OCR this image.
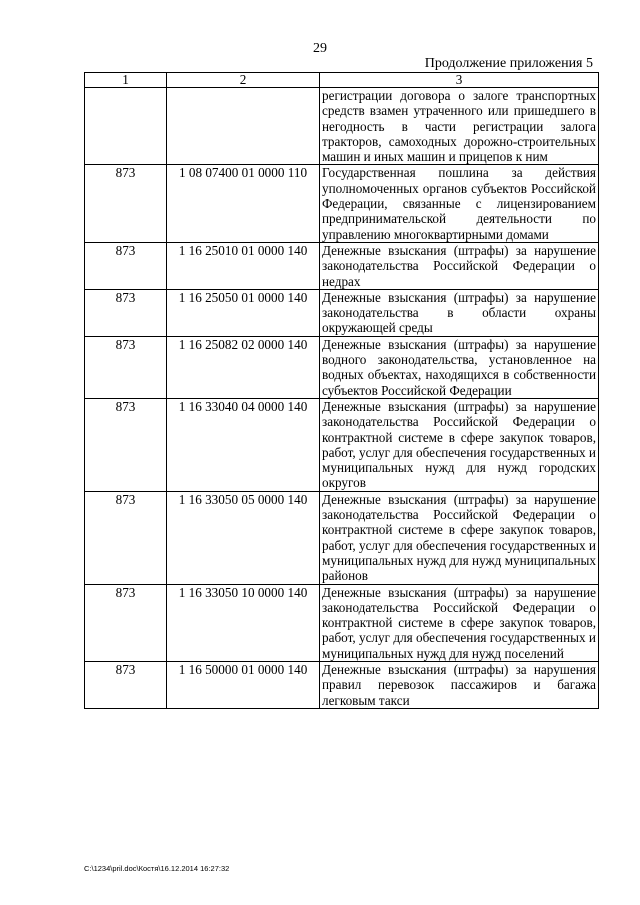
29
Продолжение приложения 5
1	2	3
		регистрации договора о залоге транспортных средств взамен утраченного или пришедшего в негодность в части регистрации залога тракторов, самоходных дорожно-строительных машин и иных машин и прицепов к ним
873	1 08 07400 01 0000 110	Государственная пошлина за действия уполномоченных органов субъектов Российской Федерации, связанные с лицензированием предпринимательской деятельности по управлению многоквартирными домами
873	1 16 25010 01 0000 140	Денежные взыскания (штрафы) за нарушение законодательства Российской Федерации о недрах
873	1 16 25050 01 0000 140	Денежные взыскания (штрафы) за нарушение законодательства в области охраны окружающей среды
873	1 16 25082 02 0000 140	Денежные взыскания (штрафы) за нарушение водного законодательства, установленное на водных объектах, находящихся в собственности субъектов Российской Федерации
873	1 16 33040 04 0000 140	Денежные взыскания (штрафы) за нарушение законодательства Российской Федерации о контрактной системе в сфере закупок товаров, работ, услуг для обеспечения государственных и муниципальных нужд для нужд городских округов
873	1 16 33050 05 0000 140	Денежные взыскания (штрафы) за нарушение законодательства Российской Федерации о контрактной системе в сфере закупок товаров, работ, услуг для обеспечения государственных и муниципальных нужд для нужд муниципальных районов
873	1 16 33050 10 0000 140	Денежные взыскания (штрафы) за нарушение законодательства Российской Федерации о контрактной системе в сфере закупок товаров, работ, услуг для обеспечения государственных и муниципальных нужд для нужд поселений
873	1 16 50000 01 0000 140	Денежные взыскания (штрафы) за нарушения правил перевозок пассажиров и багажа легковым такси
C:\1234\pril.doc\Костя\16.12.2014 16:27:32
